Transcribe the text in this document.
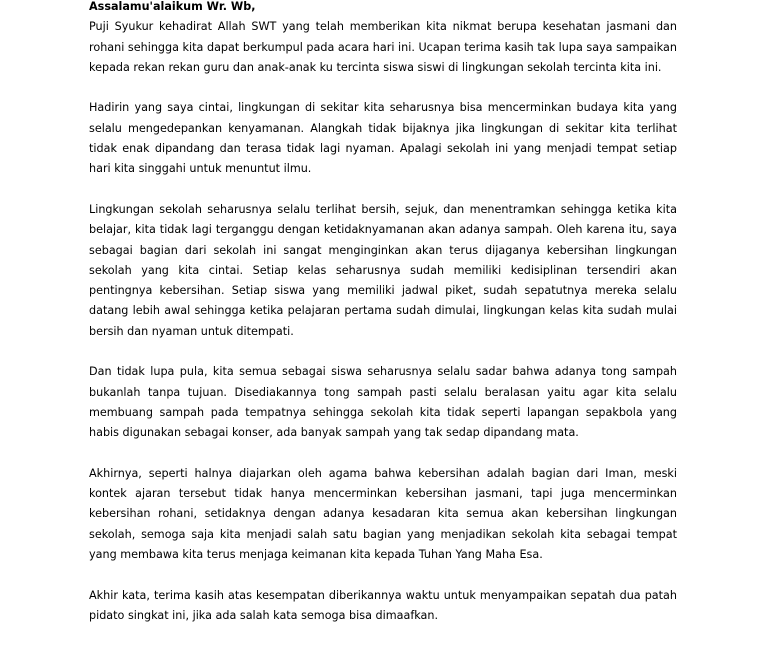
Assalamu'alaikum Wr. Wb,

Puji Syukur kehadirat Allah SWT yang telah memberikan kita nikmat berupa kesehatan jasmani dan rohani sehingga kita dapat berkumpul pada acara hari ini. Ucapan terima kasih tak lupa saya sampaikan kepada rekan rekan guru dan anak-anak ku tercinta siswa siswi di lingkungan sekolah tercinta kita ini.

Hadirin yang saya cintai, lingkungan di sekitar kita seharusnya bisa mencerminkan budaya kita yang selalu mengedepankan kenyamanan. Alangkah tidak bijaknya jika lingkungan di sekitar kita terlihat tidak enak dipandang dan terasa tidak lagi nyaman. Apalagi sekolah ini yang menjadi tempat setiap hari kita singgahi untuk menuntut ilmu.

Lingkungan sekolah seharusnya selalu terlihat bersih, sejuk, dan menentramkan sehingga ketika kita belajar, kita tidak lagi terganggu dengan ketidaknyamanan akan adanya sampah. Oleh karena itu, saya sebagai bagian dari sekolah ini sangat menginginkan akan terus dijaganya kebersihan lingkungan sekolah yang kita cintai. Setiap kelas seharusnya sudah memiliki kedisiplinan tersendiri akan pentingnya kebersihan. Setiap siswa yang memiliki jadwal piket, sudah sepatutnya mereka selalu datang lebih awal sehingga ketika pelajaran pertama sudah dimulai, lingkungan kelas kita sudah mulai bersih dan nyaman untuk ditempati.

Dan tidak lupa pula, kita semua sebagai siswa seharusnya selalu sadar bahwa adanya tong sampah bukanlah tanpa tujuan. Disediakannya tong sampah pasti selalu beralasan yaitu agar kita selalu membuang sampah pada tempatnya sehingga sekolah kita tidak seperti lapangan sepakbola yang habis digunakan sebagai konser, ada banyak sampah yang tak sedap dipandang mata.

Akhirnya, seperti halnya diajarkan oleh agama bahwa kebersihan adalah bagian dari Iman, meski kontek ajaran tersebut tidak hanya mencerminkan kebersihan jasmani, tapi juga mencerminkan kebersihan rohani, setidaknya dengan adanya kesadaran kita semua akan kebersihan lingkungan sekolah, semoga saja kita menjadi salah satu bagian yang menjadikan sekolah kita sebagai tempat yang membawa kita terus menjaga keimanan kita kepada Tuhan Yang Maha Esa.

Akhir kata, terima kasih atas kesempatan diberikannya waktu untuk menyampaikan sepatah dua patah pidato singkat ini, jika ada salah kata semoga bisa dimaafkan.
